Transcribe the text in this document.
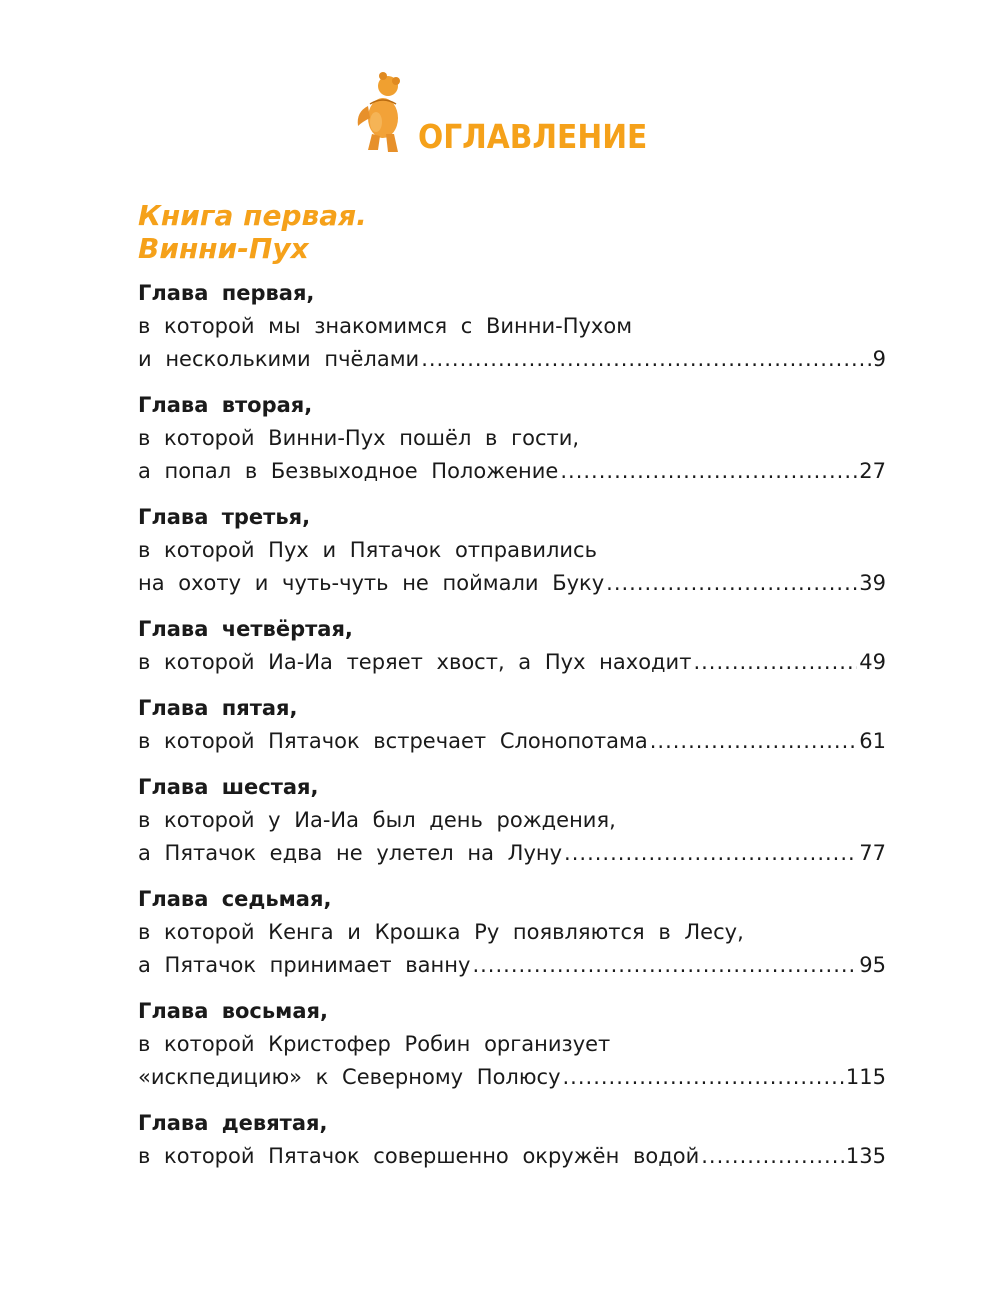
ОГЛАВЛЕНИЕ
Книга первая.
Винни-Пух
Глава первая,
в которой мы знакомимся с Винни-Пухом
и несколькими пчёлами .....	9
Глава вторая,
в которой Винни-Пух пошёл в гости,
а попал в Безвыходное Положение .....	27
Глава третья,
в которой Пух и Пятачок отправились
на охоту и чуть-чуть не поймали Буку .....	39
Глава четвёртая,
в которой Иа-Иа теряет хвост, а Пух находит .....	49
Глава пятая,
в которой Пятачок встречает Слонопотама .....	61
Глава шестая,
в которой у Иа-Иа был день рождения,
а Пятачок едва не улетел на Луну .....	77
Глава седьмая,
в которой Кенга и Крошка Ру появляются в Лесу,
а Пятачок принимает ванну .....	95
Глава восьмая,
в которой Кристофер Робин организует
«искпедицию» к Северному Полюсу .....	115
Глава девятая,
в которой Пятачок совершенно окружён водой .....	135
